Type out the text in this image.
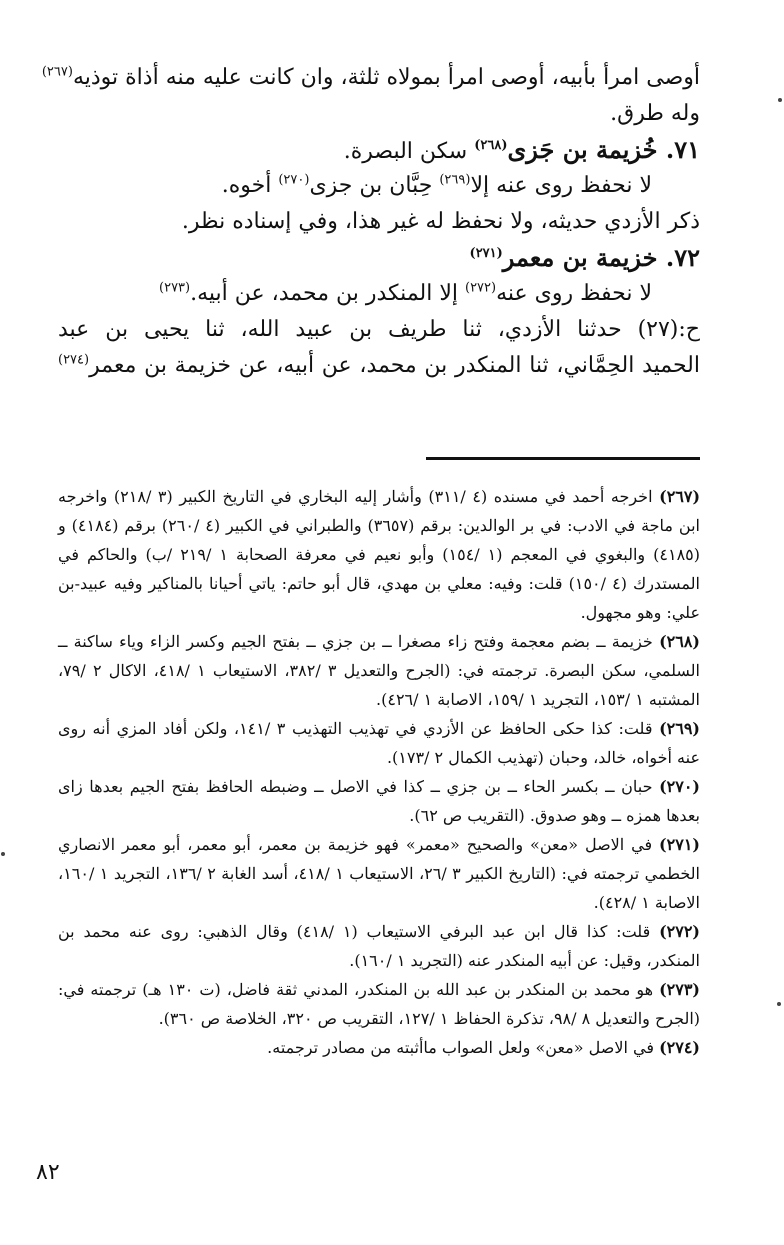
أوصى امرأ بأبيه، أوصى امرأ بمولاه ثلثة، وان كانت عليه منه أذاة توذيه$^{(٢٦٧)}$
وله طرق.
٧١. خُزيمة بن جَزى$^{(٢٦٨)}$ سكن البصرة.
لا نحفظ روى عنه إلا$^{(٢٦٩)}$ حِبَّان بن جزى$^{(٢٧٠)}$ أخوه.
ذكر الأزدي حديثه، ولا نحفظ له غير هذا، وفي إسناده نظر.
٧٢. خزيمة بن معمر$^{(٢٧١)}$
لا نحفظ روى عنه$^{(٢٧٢)}$ إلا المنكدر بن محمد، عن أبيه.$^{(٢٧٣)}$
ح:(٢٧) حدثنا الأزدي، ثنا طريف بن عبيد الله، ثنا يحيى بن عبد
الحميد الحِمَّاني، ثنا المنكدر بن محمد، عن أبيه، عن خزيمة بن معمر$^{(٢٧٤)}$
(٢٦٧) اخرجه أحمد في مسنده (٤ /٣١١) وأشار إليه البخاري في التاريخ الكبير (٣ /٢١٨) واخرجه ابن ماجة في الادب: في بر الوالدين: برقم (٣٦٥٧) والطبراني في الكبير (٤ /٢٦٠) برقم (٤١٨٤) و (٤١٨٥) والبغوي في المعجم (١ /١٥٤) وأبو نعيم في معرفة الصحابة ١ /٢١٩ /ب) والحاكم في المستدرك (٤ /١٥٠) قلت: وفيه: معلي بن مهدي، قال أبو حاتم: ياتي أحيانا بالمناكير وفيه عبيد-بن علي: وهو مجهول.
(٢٦٨) خزيمة ــ بضم معجمة وفتح زاء مصغرا ــ بن جزي ــ بفتح الجيم وكسر الزاء وياء ساكنة ــ السلمي، سكن البصرة. ترجمته في: (الجرح والتعديل ٣ /٣٨٢، الاستيعاب ١ /٤١٨، الاكال ٢ /٧٩، المشتبه ١ /١٥٣، التجريد ١ /١٥٩، الاصابة ١ /٤٢٦).
(٢٦٩) قلت: كذا حكى الحافظ عن الأزدي في تهذيب التهذيب ٣ /١٤١، ولكن أفاد المزي أنه روى عنه أخواه، خالد، وحبان (تهذيب الكمال ٢ /١٧٣).
(٢٧٠) حبان ــ بكسر الحاء ــ بن جزي ــ كذا في الاصل ــ وضبطه الحافظ بفتح الجيم بعدها زاى بعدها همزه ــ وهو صدوق. (التقريب ص ٦٢).
(٢٧١) في الاصل «معن» والصحيح «معمر» فهو خزيمة بن معمر، أبو معمر، أبو معمر الانصاري الخطمي ترجمته في: (التاريخ الكبير ٣ /٢٦، الاستيعاب ١ /٤١٨، أسد الغابة ٢ /١٣٦، التجريد ١ /١٦٠، الاصابة ١ /٤٢٨).
(٢٧٢) قلت: كذا قال ابن عبد البرفي الاستيعاب (١ /٤١٨) وقال الذهبي: روى عنه محمد بن المنكدر، وقيل: عن أبيه المنكدر عنه (التجريد ١ /١٦٠).
(٢٧٣) هو محمد بن المنكدر بن عبد الله بن المنكدر، المدني ثقة فاضل، (ت ١٣٠ هـ) ترجمته في: (الجرح والتعديل ٨ /٩٨، تذكرة الحفاظ ١ /١٢٧، التقريب ص ٣٢٠، الخلاصة ص ٣٦٠).
(٢٧٤) في الاصل «معن» ولعل الصواب ماأثبته من مصادر ترجمته.
٨٢
